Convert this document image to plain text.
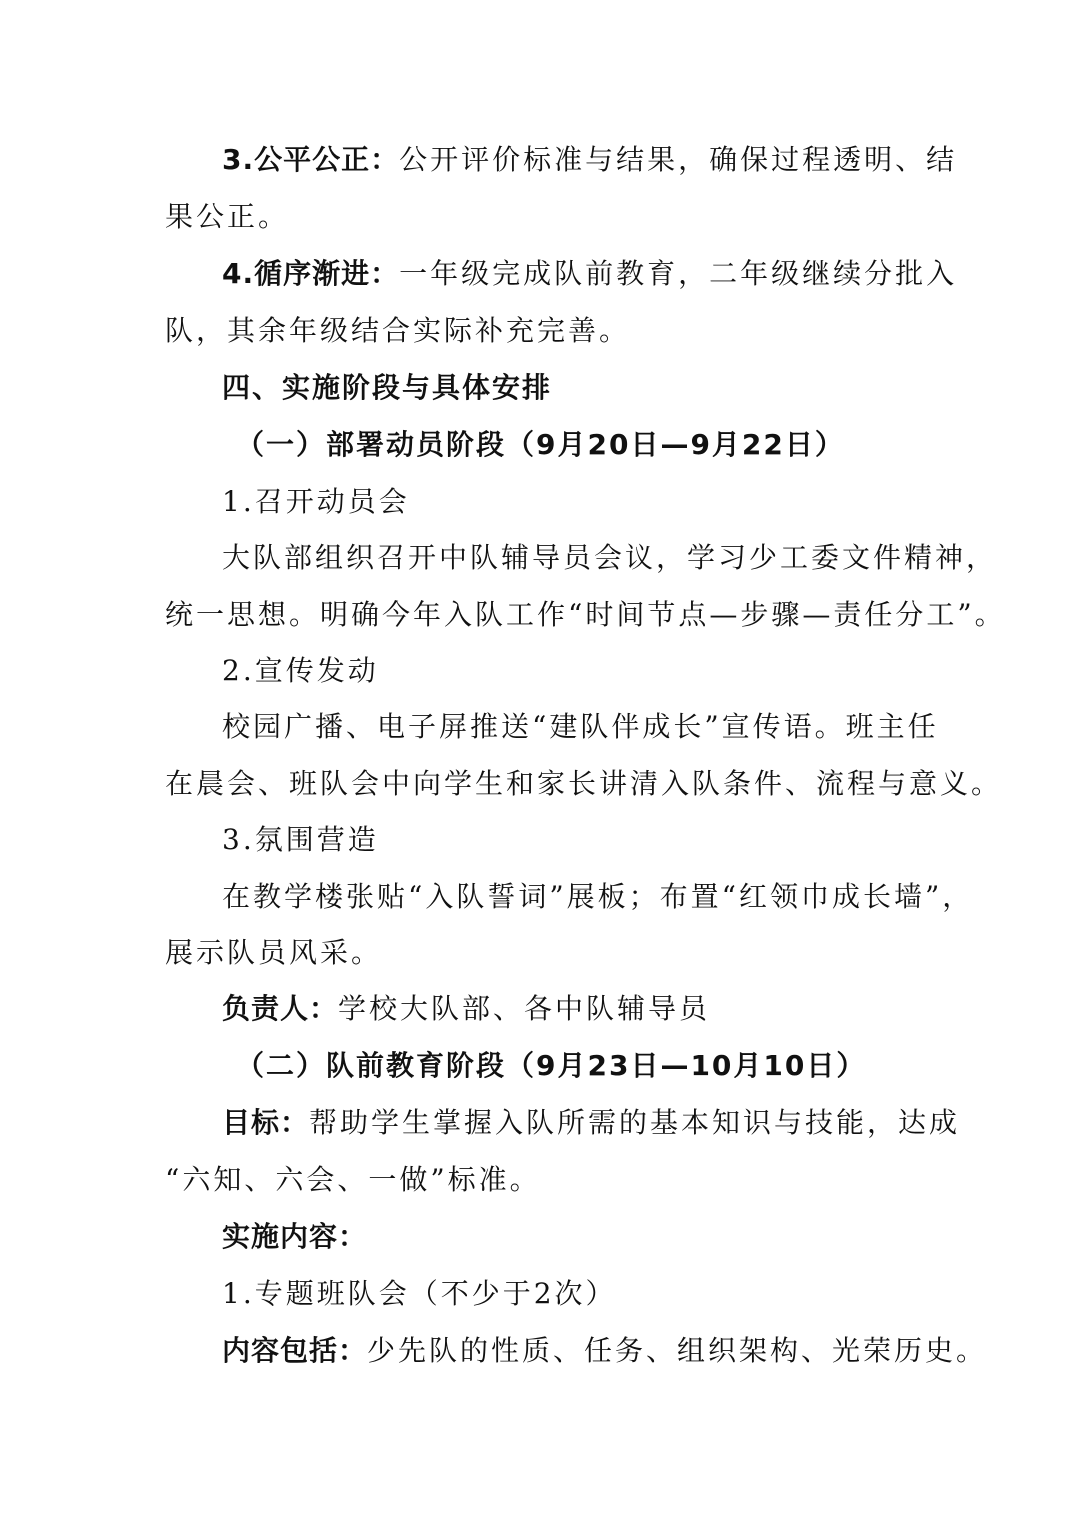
3.公平公正：公开评价标准与结果，确保过程透明、结
果公正。
4.循序渐进：一年级完成队前教育，二年级继续分批入
队，其余年级结合实际补充完善。
四、实施阶段与具体安排
（一）部署动员阶段（9月20日—9月22日）
1.召开动员会
大队部组织召开中队辅导员会议，学习少工委文件精神，
统一思想。明确今年入队工作“时间节点—步骤—责任分工”。
2.宣传发动
校园广播、电子屏推送“建队伴成长”宣传语。班主任
在晨会、班队会中向学生和家长讲清入队条件、流程与意义。
3.氛围营造
在教学楼张贴“入队誓词”展板；布置“红领巾成长墙”，
展示队员风采。
负责人：学校大队部、各中队辅导员
（二）队前教育阶段（9月23日—10月10日）
目标：帮助学生掌握入队所需的基本知识与技能，达成
“六知、六会、一做”标准。
实施内容：
1.专题班队会（不少于2次）
内容包括：少先队的性质、任务、组织架构、光荣历史。
